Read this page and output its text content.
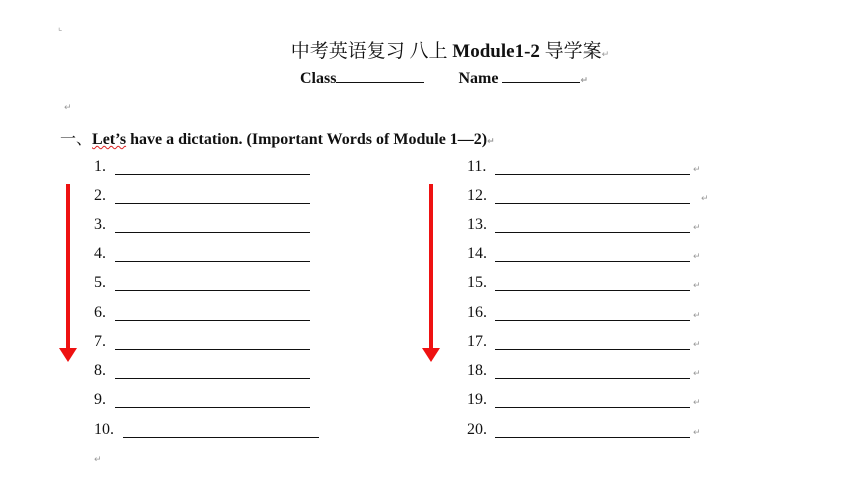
⌞
中考英语复习 八上 Module1-2 导学案↵
Class	Name	↵
↵
一、Let’s have a dictation. (Important Words of Module 1—2)↵
1.
2.
3.
4.
5.
6.
7.
8.
9.
10.
11.	↵
12.	↵
13.	↵
14.	↵
15.	↵
16.	↵
17.	↵
18.	↵
19.	↵
20.	↵
↵
